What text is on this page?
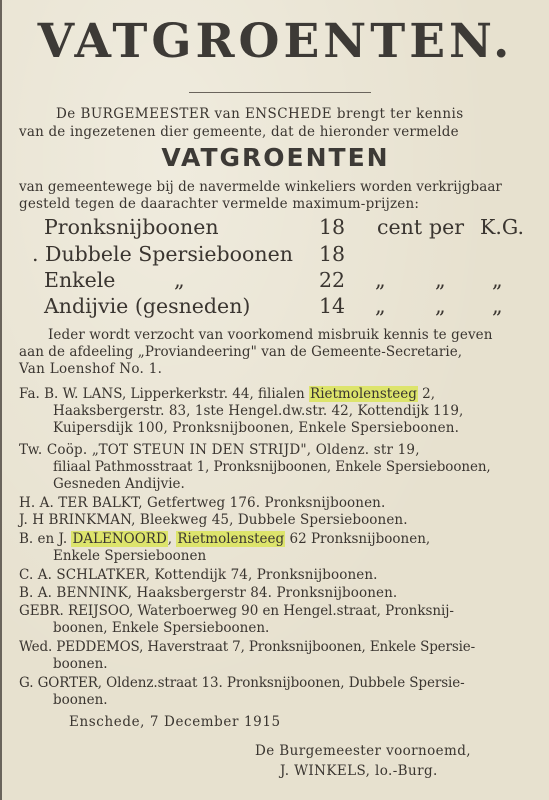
VATGROENTEN.
De BURGEMEESTER van ENSCHEDE brengt ter kennis
van de ingezetenen dier gemeente, dat de hieronder vermelde
VATGROENTEN
van gemeentewege bij de navermelde winkeliers worden verkrijgbaar
gesteld tegen de daarachter vermelde maximum-prijzen:
Pronksnijboonen	18 cent per K.G.
. Dubbele Spersieboonen 18
Enkele         „	22 „ „ „
Andijvie (gesneden)	14 „ „ „
Ieder wordt verzocht van voorkomend misbruik kennis te geven
aan de afdeeling „Proviandeering" van de Gemeente-Secretarie,
Van Loenshof No. 1.
Fa. B. W. LANS, Lipperkerkstr. 44, filialen Rietmolensteeg 2,
Haaksbergerstr. 83, 1ste Hengel.dw.str. 42, Kottendijk 119,
Kuipersdijk 100, Pronksnijboonen, Enkele Spersieboonen.
Tw. Coöp. „TOT STEUN IN DEN STRIJD", Oldenz. str 19,
filiaal Pathmosstraat 1, Pronksnijboonen, Enkele Spersieboonen,
Gesneden Andijvie.
H. A. TER BALKT, Getfertweg 176. Pronksnijboonen.
J. H BRINKMAN, Bleekweg 45, Dubbele Spersieboonen.
B. en J. DALENOORD, Rietmolensteeg 62 Pronksnijboonen,
Enkele Spersieboonen
C. A. SCHLATKER, Kottendijk 74, Pronksnijboonen.
B. A. BENNINK, Haaksbergerstr 84. Pronksnijboonen.
GEBR. REIJSOO, Waterboerweg 90 en Hengel.straat, Pronksnij-
boonen, Enkele Spersieboonen.
Wed. PEDDEMOS, Haverstraat 7, Pronksnijboonen, Enkele Spersie-
boonen.
G. GORTER, Oldenz.straat 13. Pronksnijboonen, Dubbele Spersie-
boonen.
Enschede, 7 December 1915
De Burgemeester voornoemd,
J. WINKELS, lo.-Burg.
